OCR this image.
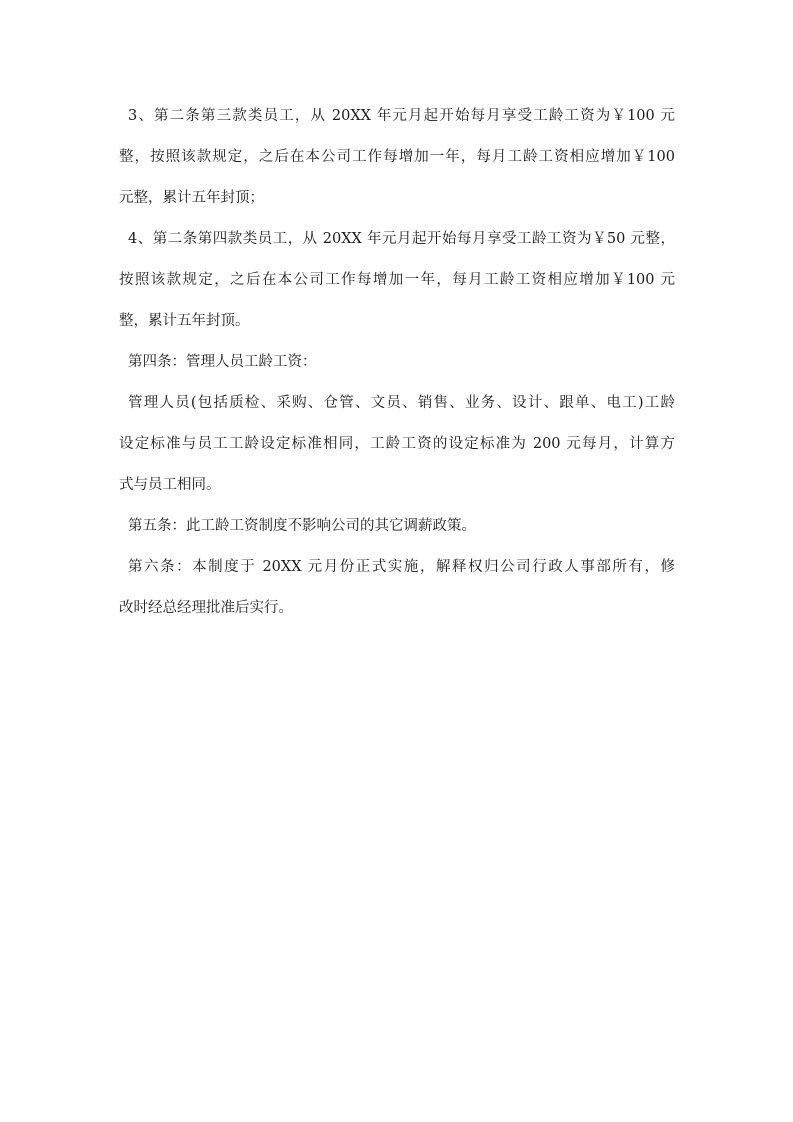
3、第二条第三款类员工，从 20XX 年元月起开始每月享受工龄工资为￥100 元
整，按照该款规定，之后在本公司工作每增加一年，每月工龄工资相应增加￥100
元整，累计五年封顶；
4、第二条第四款类员工，从 20XX 年元月起开始每月享受工龄工资为￥50 元整，
按照该款规定，之后在本公司工作每增加一年，每月工龄工资相应增加￥100 元
整，累计五年封顶。
第四条：管理人员工龄工资：
管理人员(包括质检、采购、仓管、文员、销售、业务、设计、跟单、电工)工龄
设定标准与员工工龄设定标准相同，工龄工资的设定标准为 200 元每月，计算方
式与员工相同。
第五条：此工龄工资制度不影响公司的其它调薪政策。
第六条：本制度于 20XX 元月份正式实施，解释权归公司行政人事部所有，修
改时经总经理批准后实行。
